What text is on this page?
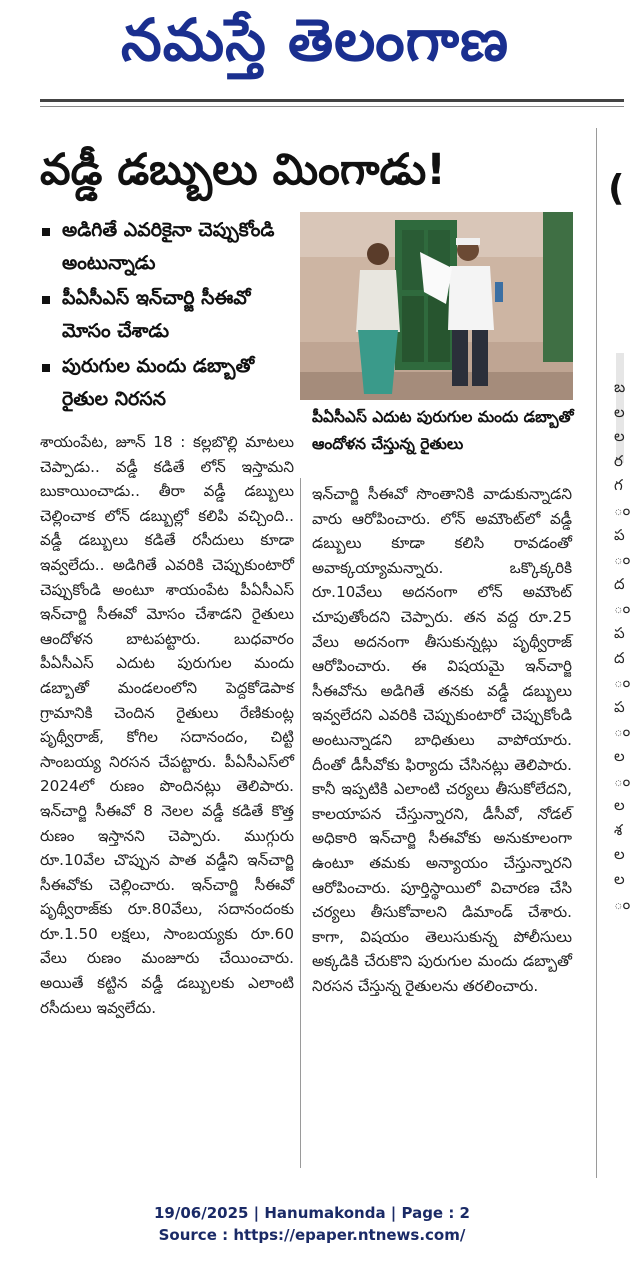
నమస్తే తెలంగాణ
వడ్డీ డబ్బులు మింగాడు!
అడిగితే ఎవరికైనా చెప్పుకోండి అంటున్నాడు
పీఏసీఎస్ ఇన్‌చార్జి సీఈవో మోసం చేశాడు
పురుగుల మందు డబ్బాతో రైతుల నిరసన
పీఏసీఎస్ ఎదుట పురుగుల మందు డబ్బాతో ఆందోళన చేస్తున్న రైతులు

శాయంపేట, జూన్ 18 : కల్లబొల్లి మాటలు చెప్పాడు.. వడ్డీ కడితే లోన్ ఇస్తామని బుకాయించాడు.. తీరా వడ్డీ డబ్బులు చెల్లించాక లోన్ డబ్బుల్లో కలిపి వచ్చింది.. వడ్డీ డబ్బులు కడితే రసీదులు కూడా ఇవ్వలేదు.. అడిగితే ఎవరికి చెప్పుకుంటారో చెప్పుకోండి అంటూ శాయంపేట పీఏసీఎస్ ఇన్‌చార్జి సీఈవో మోసం చేశాడని రైతులు ఆందోళన బాటపట్టారు. బుధవారం పీఏసీఎస్ ఎదుట పురుగుల మందు డబ్బాతో మండలంలోని పెద్దకోడెపాక గ్రామానికి చెందిన రైతులు రేణికుంట్ల పృథ్వీరాజ్, కోగిల సదానందం, చిట్టి సాంబయ్య నిరసన చేపట్టారు. పీఏసీఎస్‌లో 2024లో రుణం పొందినట్లు తెలిపారు. ఇన్‌చార్జి సీఈవో 8 నెలల వడ్డీ కడితే కొత్త రుణం ఇస్తానని చెప్పారు. ముగ్గురు రూ.10వేల చొప్పున పాత వడ్డీని ఇన్‌చార్జి సీఈవోకు చెల్లించారు. ఇన్‌చార్జి సీఈవో పృథ్వీరాజ్‌కు రూ.80వేలు, సదానందంకు రూ.1.50 లక్షలు, సాంబయ్యకు రూ.60 వేలు రుణం మంజూరు చేయించారు. అయితే కట్టిన వడ్డీ డబ్బులకు ఎలాంటి రసీదులు ఇవ్వలేదు.

ఇన్‌చార్జి సీఈవో సొంతానికి వాడుకున్నాడని వారు ఆరోపించారు. లోన్ అమౌంట్‌లో వడ్డీ డబ్బులు కూడా కలిసి రావడంతో అవాక్కయ్యామన్నారు. ఒక్కొక్కరికి రూ.10వేలు అదనంగా లోన్ అమౌంట్ చూపుతోందని చెప్పారు. తన వద్ద రూ.25 వేలు అదనంగా తీసుకున్నట్లు పృథ్వీరాజ్ ఆరోపించారు. ఈ విషయమై ఇన్‌చార్జి సీఈవోను అడిగితే తనకు వడ్డీ డబ్బులు ఇవ్వలేదని ఎవరికి చెప్పుకుంటారో చెప్పుకోండి అంటున్నాడని బాధితులు వాపోయారు. దీంతో డీసీవోకు ఫిర్యాదు చేసినట్లు తెలిపారు. కానీ ఇప్పటికి ఎలాంటి చర్యలు తీసుకోలేదని, కాలయాపన చేస్తున్నారని, డీసీవో, నోడల్ అధికారి ఇన్‌చార్జి సీఈవోకు అనుకూలంగా ఉంటూ తమకు అన్యాయం చేస్తున్నారని ఆరోపించారు. పూర్తిస్థాయిలో విచారణ చేసి చర్యలు తీసుకోవాలని డిమాండ్ చేశారు. కాగా, విషయం తెలుసుకున్న పోలీసులు అక్కడికి చేరుకొని పురుగుల మందు డబ్బాతో నిరసన చేస్తున్న రైతులను తరలించారు.

(
బ
ల
ల
ర
గ
ం
ప
ం
ద
ం
ప
ద
ం
ప
ం
ల
ం
ల
శ
ల
ల
ం
19/06/2025 | Hanumakonda | Page : 2
Source : https://epaper.ntnews.com/
